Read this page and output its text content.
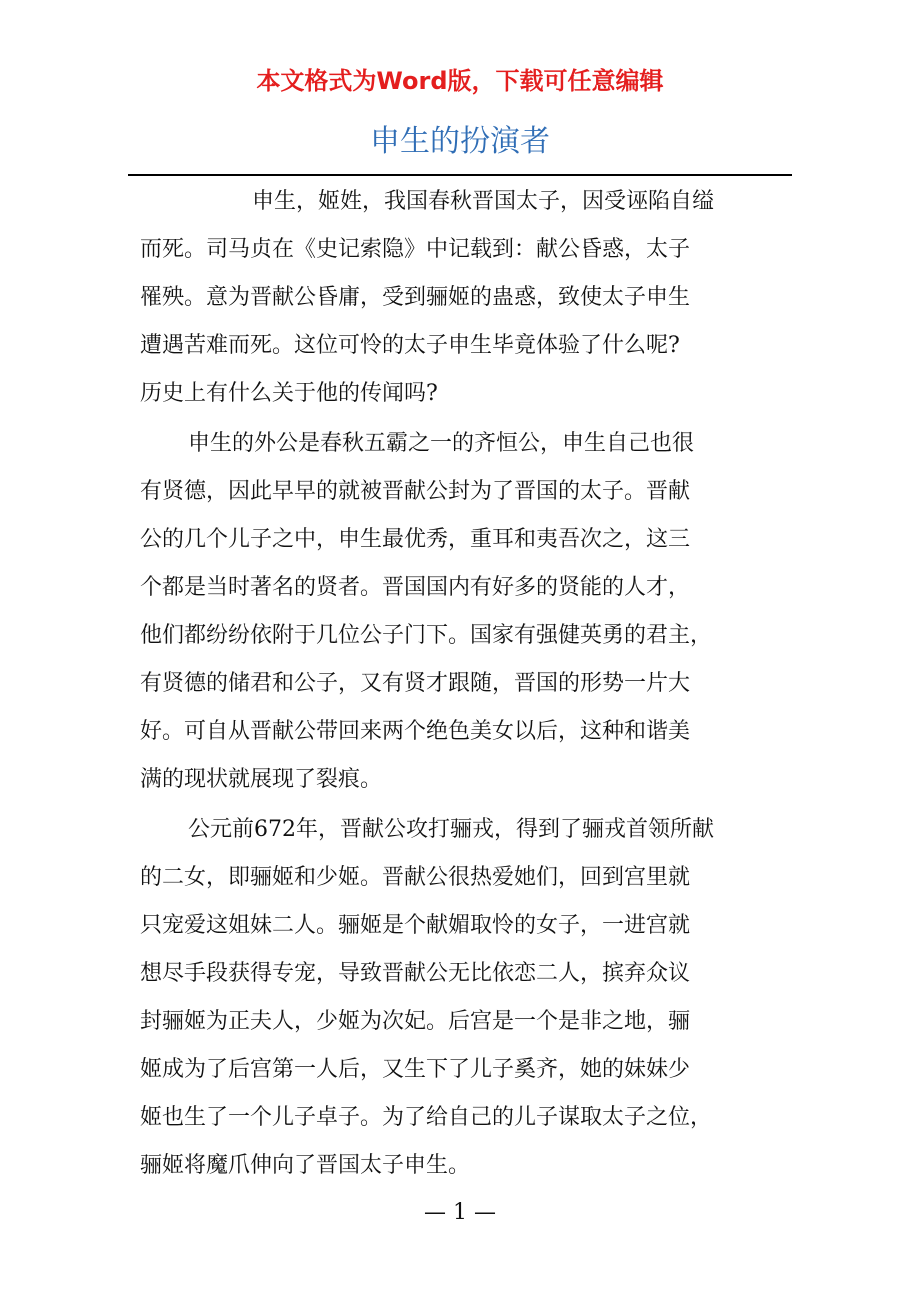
本文格式为Word版，下载可任意编辑
申生的扮演者
申生，姬姓，我国春秋晋国太子，因受诬陷自缢
而死。司马贞在《史记索隐》中记载到：献公昏惑，太子
罹殃。意为晋献公昏庸，受到骊姬的蛊惑，致使太子申生
遭遇苦难而死。这位可怜的太子申生毕竟体验了什么呢?
历史上有什么关于他的传闻吗?
申生的外公是春秋五霸之一的齐恒公，申生自己也很
有贤德，因此早早的就被晋献公封为了晋国的太子。晋献
公的几个儿子之中，申生最优秀，重耳和夷吾次之，这三
个都是当时著名的贤者。晋国国内有好多的贤能的人才，
他们都纷纷依附于几位公子门下。国家有强健英勇的君主，
有贤德的储君和公子，又有贤才跟随，晋国的形势一片大
好。可自从晋献公带回来两个绝色美女以后，这种和谐美
满的现状就展现了裂痕。
公元前672年，晋献公攻打骊戎，得到了骊戎首领所献
的二女，即骊姬和少姬。晋献公很热爱她们，回到宫里就
只宠爱这姐妹二人。骊姬是个献媚取怜的女子，一进宫就
想尽手段获得专宠，导致晋献公无比依恋二人，摈弃众议
封骊姬为正夫人，少姬为次妃。后宫是一个是非之地，骊
姬成为了后宫第一人后，又生下了儿子奚齐，她的妹妹少
姬也生了一个儿子卓子。为了给自己的儿子谋取太子之位，
骊姬将魔爪伸向了晋国太子申生。
— 1 —
